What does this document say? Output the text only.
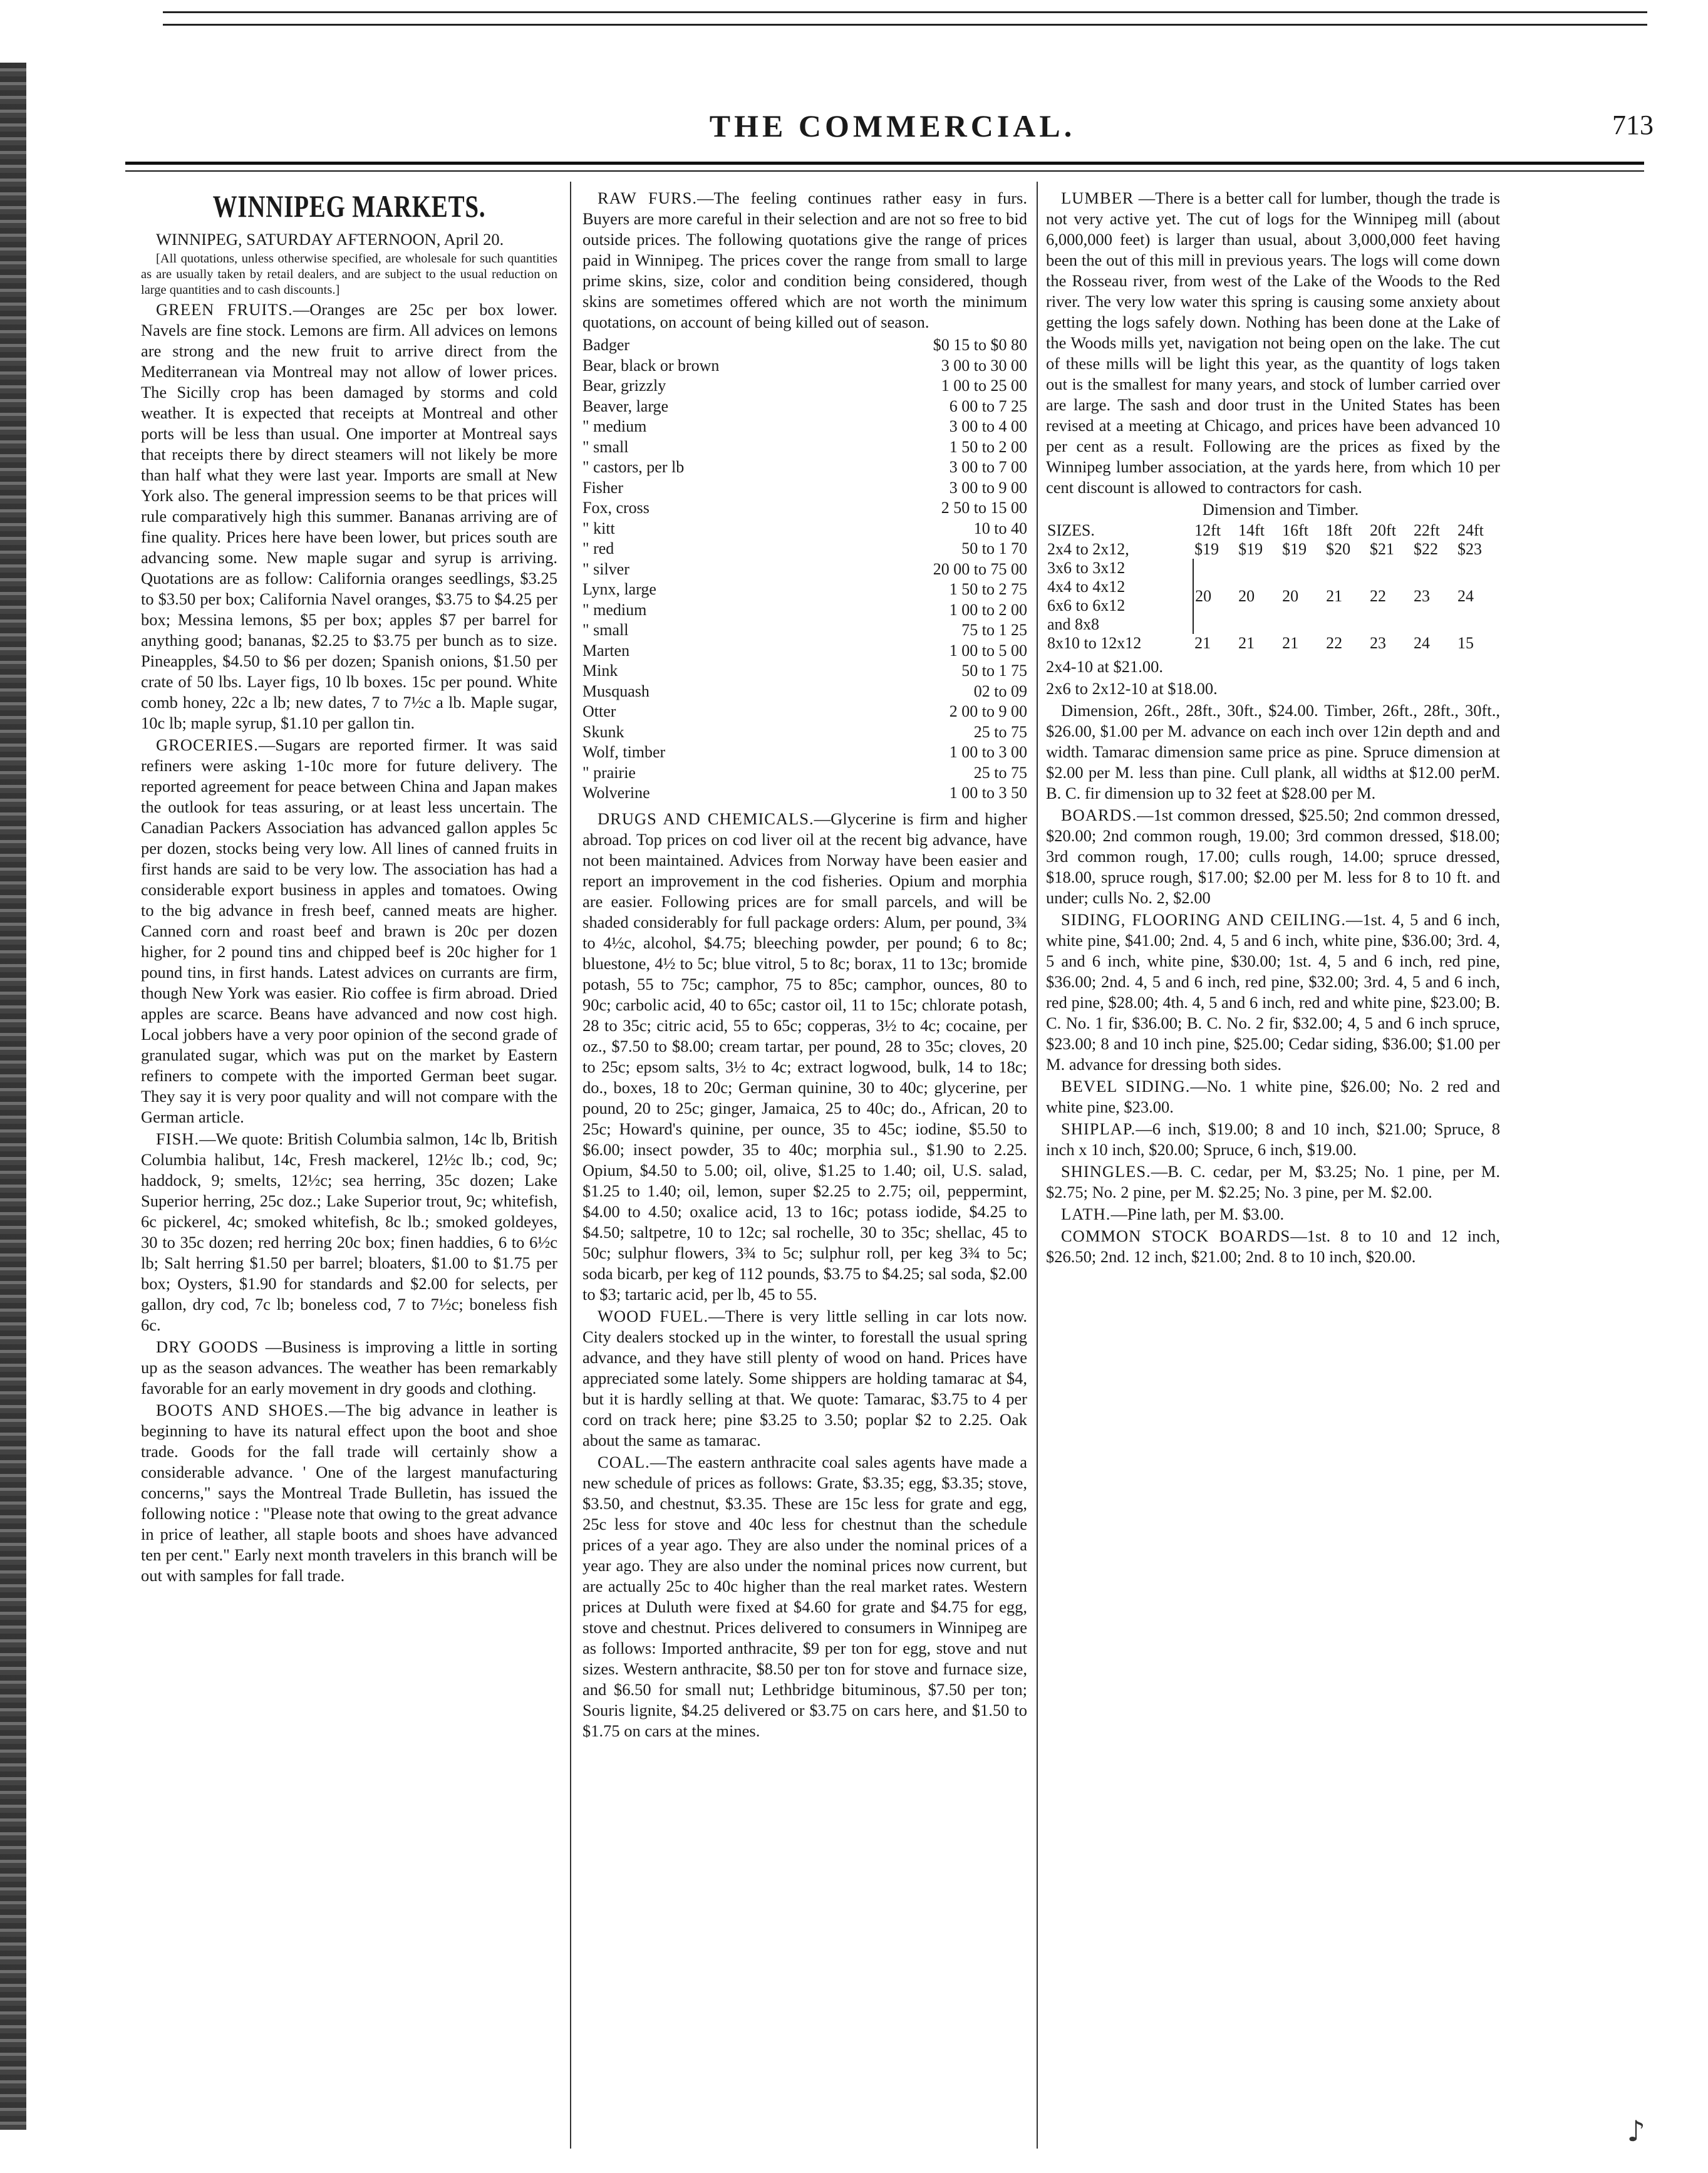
THE COMMERCIAL.	713
WINNIPEG MARKETS.

WINNIPEG, SATURDAY AFTERNOON, April 20.

[All quotations, unless otherwise specified, are wholesale for such quantities as are usually taken by retail dealers, and are subject to the usual reduction on large quantities and to cash discounts.]

GREEN FRUITS.—Oranges are 25c per box lower. Navels are fine stock. Lemons are firm. All advices on lemons are strong and the new fruit to arrive direct from the Mediterranean via Montreal may not allow of lower prices. The Sicilly crop has been damaged by storms and cold weather. It is expected that receipts at Montreal and other ports will be less than usual. One importer at Montreal says that receipts there by direct steamers will not likely be more than half what they were last year. Imports are small at New York also. The general impression seems to be that prices will rule comparatively high this summer. Bananas arriving are of fine quality. Prices here have been lower, but prices south are advancing some. New maple sugar and syrup is arriving. Quotations are as follow: California oranges seedlings, $3.25 to $3.50 per box; California Navel oranges, $3.75 to $4.25 per box; Messina lemons, $5 per box; apples $7 per barrel for anything good; bananas, $2.25 to $3.75 per bunch as to size. Pineapples, $4.50 to $6 per dozen; Spanish onions, $1.50 per crate of 50 lbs. Layer figs, 10 lb boxes. 15c per pound. White comb honey, 22c a lb; new dates, 7 to 7½c a lb. Maple sugar, 10c lb; maple syrup, $1.10 per gallon tin.

GROCERIES.—Sugars are reported firmer. It was said refiners were asking 1-10c more for future delivery. The reported agreement for peace between China and Japan makes the outlook for teas assuring, or at least less uncertain. The Canadian Packers Association has advanced gallon apples 5c per dozen, stocks being very low. All lines of canned fruits in first hands are said to be very low. The association has had a considerable export business in apples and tomatoes. Owing to the big advance in fresh beef, canned meats are higher. Canned corn and roast beef and brawn is 20c per dozen higher, for 2 pound tins and chipped beef is 20c higher for 1 pound tins, in first hands. Latest advices on currants are firm, though New York was easier. Rio coffee is firm abroad. Dried apples are scarce. Beans have advanced and now cost high. Local jobbers have a very poor opinion of the second grade of granulated sugar, which was put on the market by Eastern refiners to compete with the imported German beet sugar. They say it is very poor quality and will not compare with the German article.

FISH.—We quote: British Columbia salmon, 14c lb, British Columbia halibut, 14c, Fresh mackerel, 12½c lb.; cod, 9c; haddock, 9; smelts, 12½c; sea herring, 35c dozen; Lake Superior herring, 25c doz.; Lake Superior trout, 9c; whitefish, 6c pickerel, 4c; smoked whitefish, 8c lb.; smoked goldeyes, 30 to 35c dozen; red herring 20c box; finen haddies, 6 to 6½c lb; Salt herring $1.50 per barrel; bloaters, $1.00 to $1.75 per box; Oysters, $1.90 for standards and $2.00 for selects, per gallon, dry cod, 7c lb; boneless cod, 7 to 7½c; boneless fish 6c.

DRY GOODS —Business is improving a little in sorting up as the season advances. The weather has been remarkably favorable for an early movement in dry goods and clothing.

BOOTS AND SHOES.—The big advance in leather is beginning to have its natural effect upon the boot and shoe trade. Goods for the fall trade will certainly show a considerable advance. ' One of the largest manufacturing concerns," says the Montreal Trade Bulletin, has issued the following notice : "Please note that owing to the great advance in price of leather, all staple boots and shoes have advanced ten per cent." Early next month travelers in this branch will be out with samples for fall trade.

RAW FURS.—The feeling continues rather easy in furs. Buyers are more careful in their selection and are not so free to bid outside prices. The following quotations give the range of prices paid in Winnipeg. The prices cover the range from small to large prime skins, size, color and condition being considered, though skins are sometimes offered which are not worth the minimum quotations, on account of being killed out of season.

Badger	$0 15 to $0 80
Bear, black or brown	3 00 to 30 00
Bear, grizzly	1 00 to 25 00
Beaver, large	6 00 to 7 25
" medium	3 00 to 4 00
" small	1 50 to 2 00
" castors, per lb	3 00 to 7 00
Fisher	3 00 to 9 00
Fox, cross	2 50 to 15 00
" kitt	10 to 40
" red	50 to 1 70
" silver	20 00 to 75 00
Lynx, large	1 50 to 2 75
" medium	1 00 to 2 00
" small	75 to 1 25
Marten	1 00 to 5 00
Mink	50 to 1 75
Musquash	02 to 09
Otter	2 00 to 9 00
Skunk	25 to 75
Wolf, timber	1 00 to 3 00
" prairie	25 to 75
Wolverine	1 00 to 3 50

DRUGS AND CHEMICALS.—Glycerine is firm and higher abroad. Top prices on cod liver oil at the recent big advance, have not been maintained. Advices from Norway have been easier and report an improvement in the cod fisheries. Opium and morphia are easier. Following prices are for small parcels, and will be shaded considerably for full package orders: Alum, per pound, 3¾ to 4½c, alcohol, $4.75; bleeching powder, per pound; 6 to 8c; bluestone, 4½ to 5c; blue vitrol, 5 to 8c; borax, 11 to 13c; bromide potash, 55 to 75c; camphor, 75 to 85c; camphor, ounces, 80 to 90c; carbolic acid, 40 to 65c; castor oil, 11 to 15c; chlorate potash, 28 to 35c; citric acid, 55 to 65c; copperas, 3½ to 4c; cocaine, per oz., $7.50 to $8.00; cream tartar, per pound, 28 to 35c; cloves, 20 to 25c; epsom salts, 3½ to 4c; extract logwood, bulk, 14 to 18c; do., boxes, 18 to 20c; German quinine, 30 to 40c; glycerine, per pound, 20 to 25c; ginger, Jamaica, 25 to 40c; do., African, 20 to 25c; Howard's quinine, per ounce, 35 to 45c; iodine, $5.50 to $6.00; insect powder, 35 to 40c; morphia sul., $1.90 to 2.25. Opium, $4.50 to 5.00; oil, olive, $1.25 to 1.40; oil, U.S. salad, $1.25 to 1.40; oil, lemon, super $2.25 to 2.75; oil, peppermint, $4.00 to 4.50; oxalice acid, 13 to 16c; potass iodide, $4.25 to $4.50; saltpetre, 10 to 12c; sal rochelle, 30 to 35c; shellac, 45 to 50c; sulphur flowers, 3¾ to 5c; sulphur roll, per keg 3¾ to 5c; soda bicarb, per keg of 112 pounds, $3.75 to $4.25; sal soda, $2.00 to $3; tartaric acid, per lb, 45 to 55.

WOOD FUEL.—There is very little selling in car lots now. City dealers stocked up in the winter, to forestall the usual spring advance, and they have still plenty of wood on hand. Prices have appreciated some lately. Some shippers are holding tamarac at $4, but it is hardly selling at that. We quote: Tamarac, $3.75 to 4 per cord on track here; pine $3.25 to 3.50; poplar $2 to 2.25. Oak about the same as tamarac.

COAL.—The eastern anthracite coal sales agents have made a new schedule of prices as follows: Grate, $3.35; egg, $3.35; stove, $3.50, and chestnut, $3.35. These are 15c less for grate and egg, 25c less for stove and 40c less for chestnut than the schedule prices of a year ago. They are also under the nominal prices of a year ago. They are also under the nominal prices now current, but are actually 25c to 40c higher than the real market rates. Western prices at Duluth were fixed at $4.60 for grate and $4.75 for egg, stove and chestnut. Prices delivered to consumers in Winnipeg are as follows: Imported anthracite, $9 per ton for egg, stove and nut sizes. Western anthracite, $8.50 per ton for stove and furnace size, and $6.50 for small nut; Lethbridge bituminous, $7.50 per ton; Souris lignite, $4.25 delivered or $3.75 on cars here, and $1.50 to $1.75 on cars at the mines.

LUMBER —There is a better call for lumber, though the trade is not very active yet. The cut of logs for the Winnipeg mill (about 6,000,000 feet) is larger than usual, about 3,000,000 feet having been the out of this mill in previous years. The logs will come down the Rosseau river, from west of the Lake of the Woods to the Red river. The very low water this spring is causing some anxiety about getting the logs safely down. Nothing has been done at the Lake of the Woods mills yet, navigation not being open on the lake. The cut of these mills will be light this year, as the quantity of logs taken out is the smallest for many years, and stock of lumber carried over are large. The sash and door trust in the United States has been revised at a meeting at Chicago, and prices have been advanced 10 per cent as a result. Following are the prices as fixed by the Winnipeg lumber association, at the yards here, from which 10 per cent discount is allowed to contractors for cash.

Dimension and Timber.

SIZES.	12ft	14ft	16ft	18ft	20ft	22ft	24ft
2x4 to 2x12,	$19	$19	$19	$20	$21	$22	$23

3x6 to 3x12
4x4 to 4x12
6x6 to 6x12
and 8x8	20	20	20	21	22	23	24
8x10 to 12x12	21	21	21	22	23	24	15

2x4-10 at $21.00.

2x6 to 2x12-10 at $18.00.

Dimension, 26ft., 28ft., 30ft., $24.00. Timber, 26ft., 28ft., 30ft., $26.00, $1.00 per M. advance on each inch over 12in depth and and width. Tamarac dimension same price as pine. Spruce dimension at $2.00 per M. less than pine. Cull plank, all widths at $12.00 perM. B. C. fir dimension up to 32 feet at $28.00 per M.

BOARDS.—1st common dressed, $25.50; 2nd common dressed, $20.00; 2nd common rough, 19.00; 3rd common dressed, $18.00; 3rd common rough, 17.00; culls rough, 14.00; spruce dressed, $18.00, spruce rough, $17.00; $2.00 per M. less for 8 to 10 ft. and under; culls No. 2, $2.00

SIDING, FLOORING AND CEILING.—1st. 4, 5 and 6 inch, white pine, $41.00; 2nd. 4, 5 and 6 inch, white pine, $36.00; 3rd. 4, 5 and 6 inch, white pine, $30.00; 1st. 4, 5 and 6 inch, red pine, $36.00; 2nd. 4, 5 and 6 inch, red pine, $32.00; 3rd. 4, 5 and 6 inch, red pine, $28.00; 4th. 4, 5 and 6 inch, red and white pine, $23.00; B. C. No. 1 fir, $36.00; B. C. No. 2 fir, $32.00; 4, 5 and 6 inch spruce, $23.00; 8 and 10 inch pine, $25.00; Cedar siding, $36.00; $1.00 per M. advance for dressing both sides.

BEVEL SIDING.—No. 1 white pine, $26.00; No. 2 red and white pine, $23.00.

SHIPLAP.—6 inch, $19.00; 8 and 10 inch, $21.00; Spruce, 8 inch x 10 inch, $20.00; Spruce, 6 inch, $19.00.

SHINGLES.—B. C. cedar, per M, $3.25; No. 1 pine, per M. $2.75; No. 2 pine, per M. $2.25; No. 3 pine, per M. $2.00.

LATH.—Pine lath, per M. $3.00.

COMMON STOCK BOARDS—1st. 8 to 10 and 12 inch, $26.50; 2nd. 12 inch, $21.00; 2nd. 8 to 10 inch, $20.00.

♪
